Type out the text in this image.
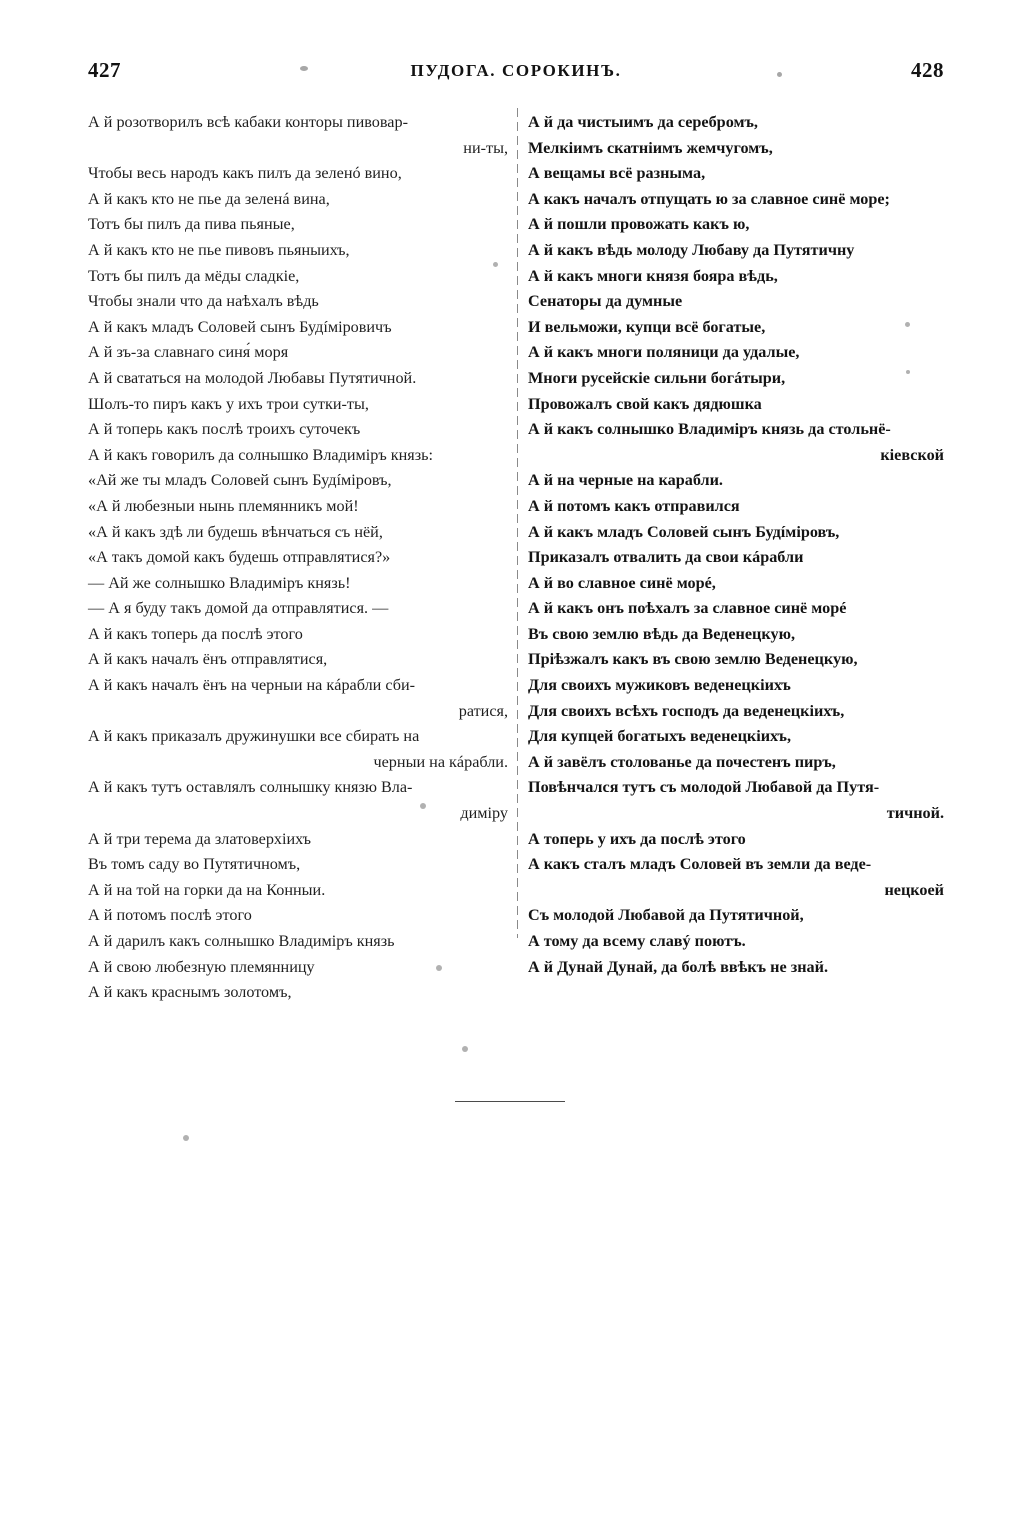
427	ПУДОГА. СОРОКИНЪ.	428

А й розотворилъ всѣ кабаки конторы пивовар-

ни-ты,

Чтобы весь народъ какъ пилъ да зеленó вино,

А й какъ кто не пье да зеленá вина,

Тотъ бы пилъ да пива пьяные,

А й какъ кто не пье пивовъ пьяныихъ,

Тотъ бы пилъ да мёды сладкіе,

Чтобы знали что да наѣхалъ вѣдь

А й какъ младъ Соловей сынъ Будíміровичъ

А й зъ-за славнаго синя́ моря

А й свататься на молодой Любавы Путятичной.

Шолъ-то пиръ какъ у ихъ трои сутки-ты,

А й топерь какъ послѣ троихъ суточекъ

А й какъ говорилъ да солнышко Владиміръ князь:

«Ай же ты младъ Соловей сынъ Будíміровъ,

«А й любезныи нынь племянникъ мой!

«А й какъ здѣ ли будешь вѣнчаться съ нëй,

«А такъ домой какъ будешь отправлятися?»

— Ай же солнышко Владиміръ князь!

— А я буду такъ домой да отправлятися. —

А й какъ топерь да послѣ этого

А й какъ началъ ёнъ отправлятися,

А й какъ началъ ёнъ на черныи на кáрабли сби-

ратися,

А й какъ приказалъ дружинушки все сбирать на

черныи на кáрабли.

А й какъ тутъ оставлялъ солнышку князю Вла-

диміру

А й три терема да златоверхіихъ

Въ томъ саду во Путятичномъ,

А й на той на горки да на Конныи.

А й потомъ послѣ этого

А й дарилъ какъ солнышко Владиміръ князь

А й свою любезную племянницу

А й какъ краснымъ золотомъ,

А й да чистыимъ да серебромъ,

Мелкіимъ скатніимъ жемчугомъ,

А вещамы всё разныма,

А какъ началъ отпущать ю за славное синё море;

А й пошли провожать какъ ю,

А й какъ вѣдь молоду Любаву да Путятичну

А й какъ многи князя бояра вѣдь,

Сенаторы да думные

И вельможи, купци всё богатые,

А й какъ многи поляници да удалые,

Многи русейскіе сильни богáтыри,

Провожалъ свой какъ дядюшка

А й какъ солнышко Владиміръ князь да стольнё-

кіевской

А й на черные на карабли.

А й потомъ какъ отправился

А й какъ младъ Соловей сынъ Будíміровъ,

Приказалъ отвалить да свои кáрабли

А й во славное синё морé,

А й какъ онъ поѣхалъ за славное синё морé

Въ свою землю вѣдь да Веденецкую,

Пріѣзжалъ какъ въ свою землю Веденецкую,

Для своихъ мужиковъ веденецкіихъ

Для своихъ всѣхъ господъ да веденецкіихъ,

Для купцей богатыхъ веденецкіихъ,

А й завёлъ столованье да почестенъ пиръ,

Повѣнчался тутъ съ молодой Любавой да Путя-

тичной.

А топерь у ихъ да послѣ этого

А какъ сталъ младъ Соловей въ земли да веде-

нецкоей

Съ молодой Любавой да Путятичной,

А тому да всему славý поютъ.

А й Дунай Дунай, да болѣ ввѣкъ не знай.
